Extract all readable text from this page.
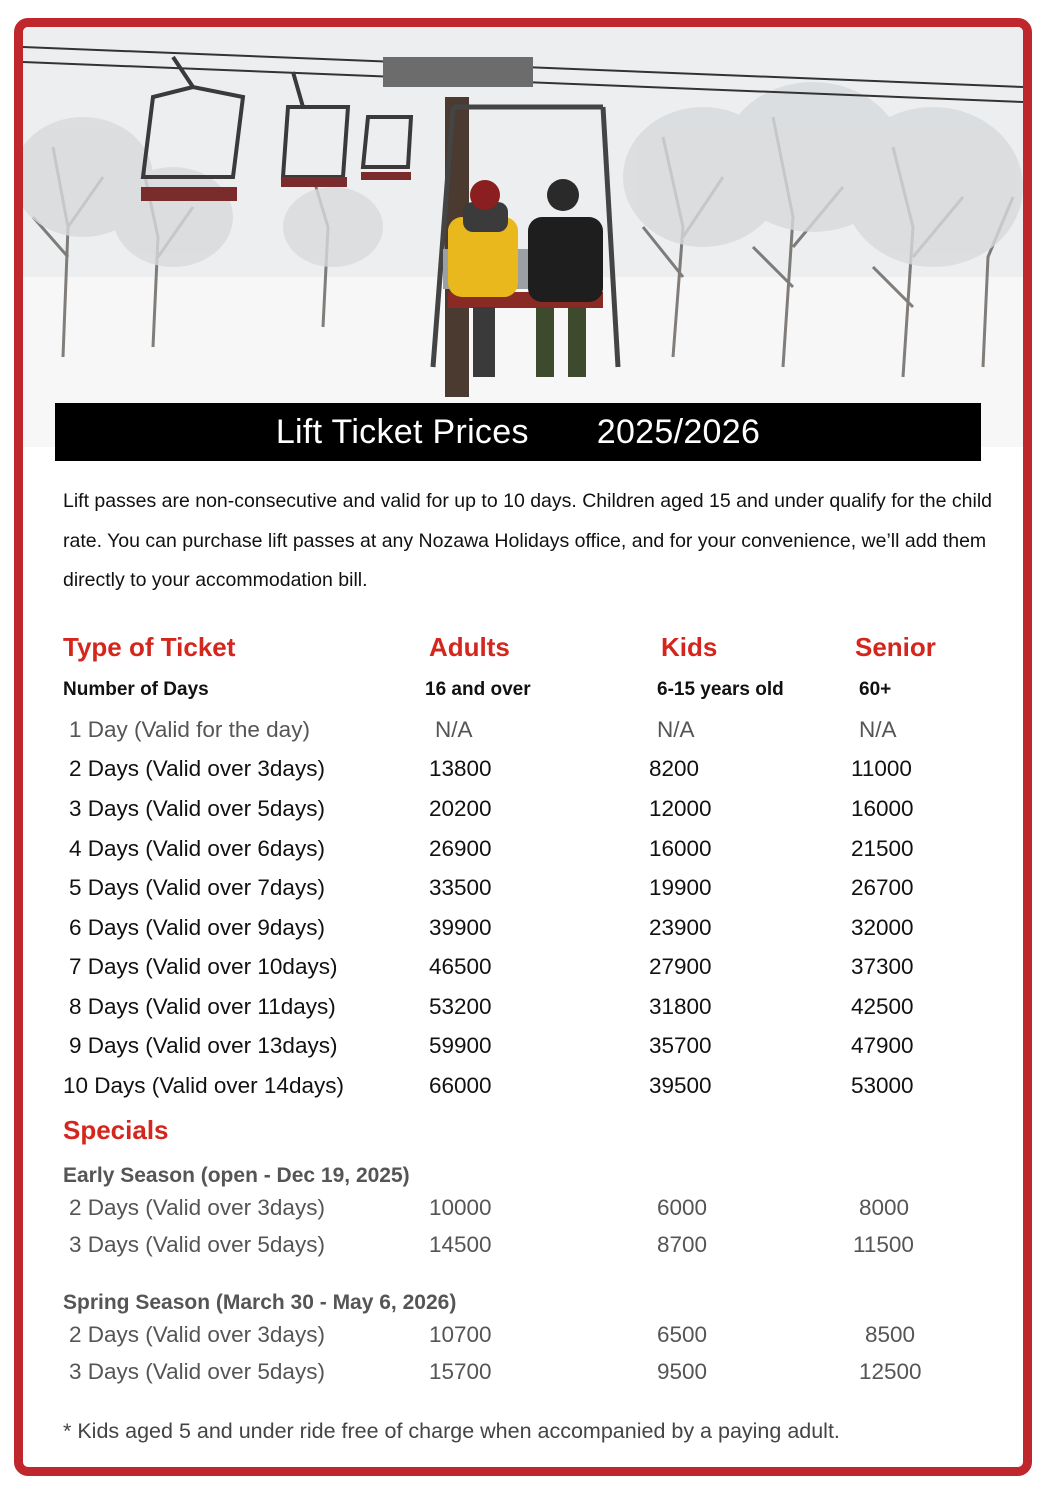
Lift Ticket Prices 2025/2026

Lift passes are non-consecutive and valid for up to 10 days. Children aged 15 and under qualify for the child rate. You can purchase lift passes at any Nozawa Holidays office, and for your convenience, we’ll add them directly to your accommodation bill.

Type of Ticket	Adults	Kids	Senior
Number of Days	16 and over	6-15 years old	60+
1 Day (Valid for the day)	N/A	N/A	N/A
2 Days (Valid over 3days)	13800	8200	11000
3 Days (Valid over 5days)	20200	12000	16000
4 Days (Valid over 6days)	26900	16000	21500
5 Days (Valid over 7days)	33500	19900	26700
6 Days (Valid over 9days)	39900	23900	32000
7 Days (Valid over 10days)	46500	27900	37300
8 Days (Valid over 11days)	53200	31800	42500
9 Days (Valid over 13days)	59900	35700	47900
10 Days (Valid over 14days)	66000	39500	53000
Specials
Early Season (open - Dec 19, 2025)
2 Days (Valid over 3days)	10000	6000	8000
3 Days (Valid over 5days)	14500	8700	11500
Spring Season (March 30 - May 6, 2026)
2 Days (Valid over 3days)	10700	6500	8500
3 Days (Valid over 5days)	15700	9500	12500
* Kids aged 5 and under ride free of charge when accompanied by a paying adult.
